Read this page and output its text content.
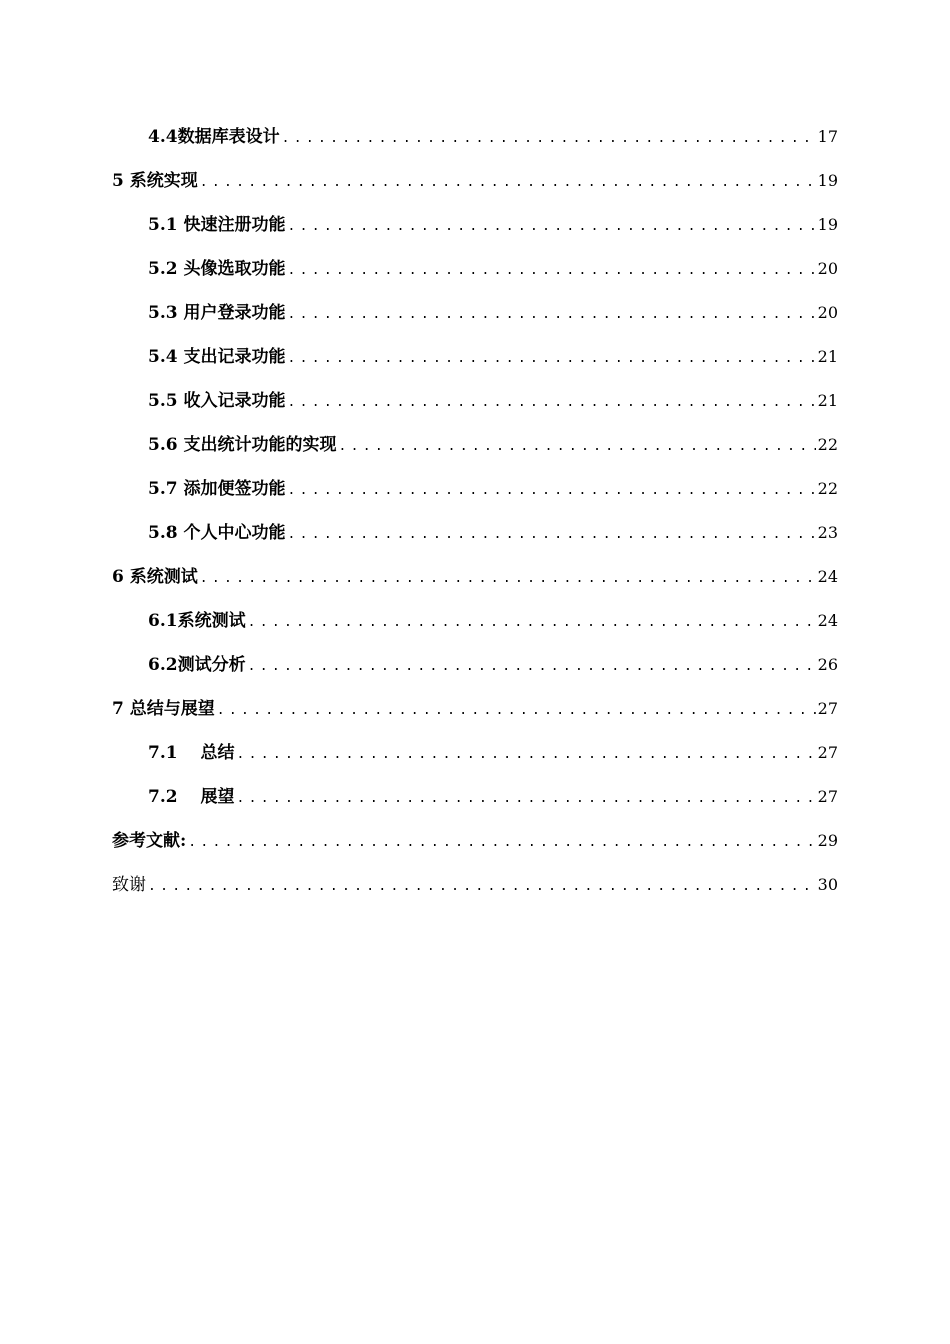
4.4数据库表设计 .....	17
5 系统实现 .....	19
5.1 快速注册功能 .....	19
5.2 头像选取功能 .....	20
5.3 用户登录功能 .....	20
5.4 支出记录功能 .....	21
5.5 收入记录功能 .....	21
5.6 支出统计功能的实现 .....	22
5.7 添加便签功能 .....	22
5.8 个人中心功能 .....	23
6 系统测试 .....	24
6.1系统测试 .....	24
6.2测试分析 .....	26
7 总结与展望 .....	27
7.1　 总结 .....	27
7.2　 展望 .....	27
参考文献: .....	29
致谢 .....	30
